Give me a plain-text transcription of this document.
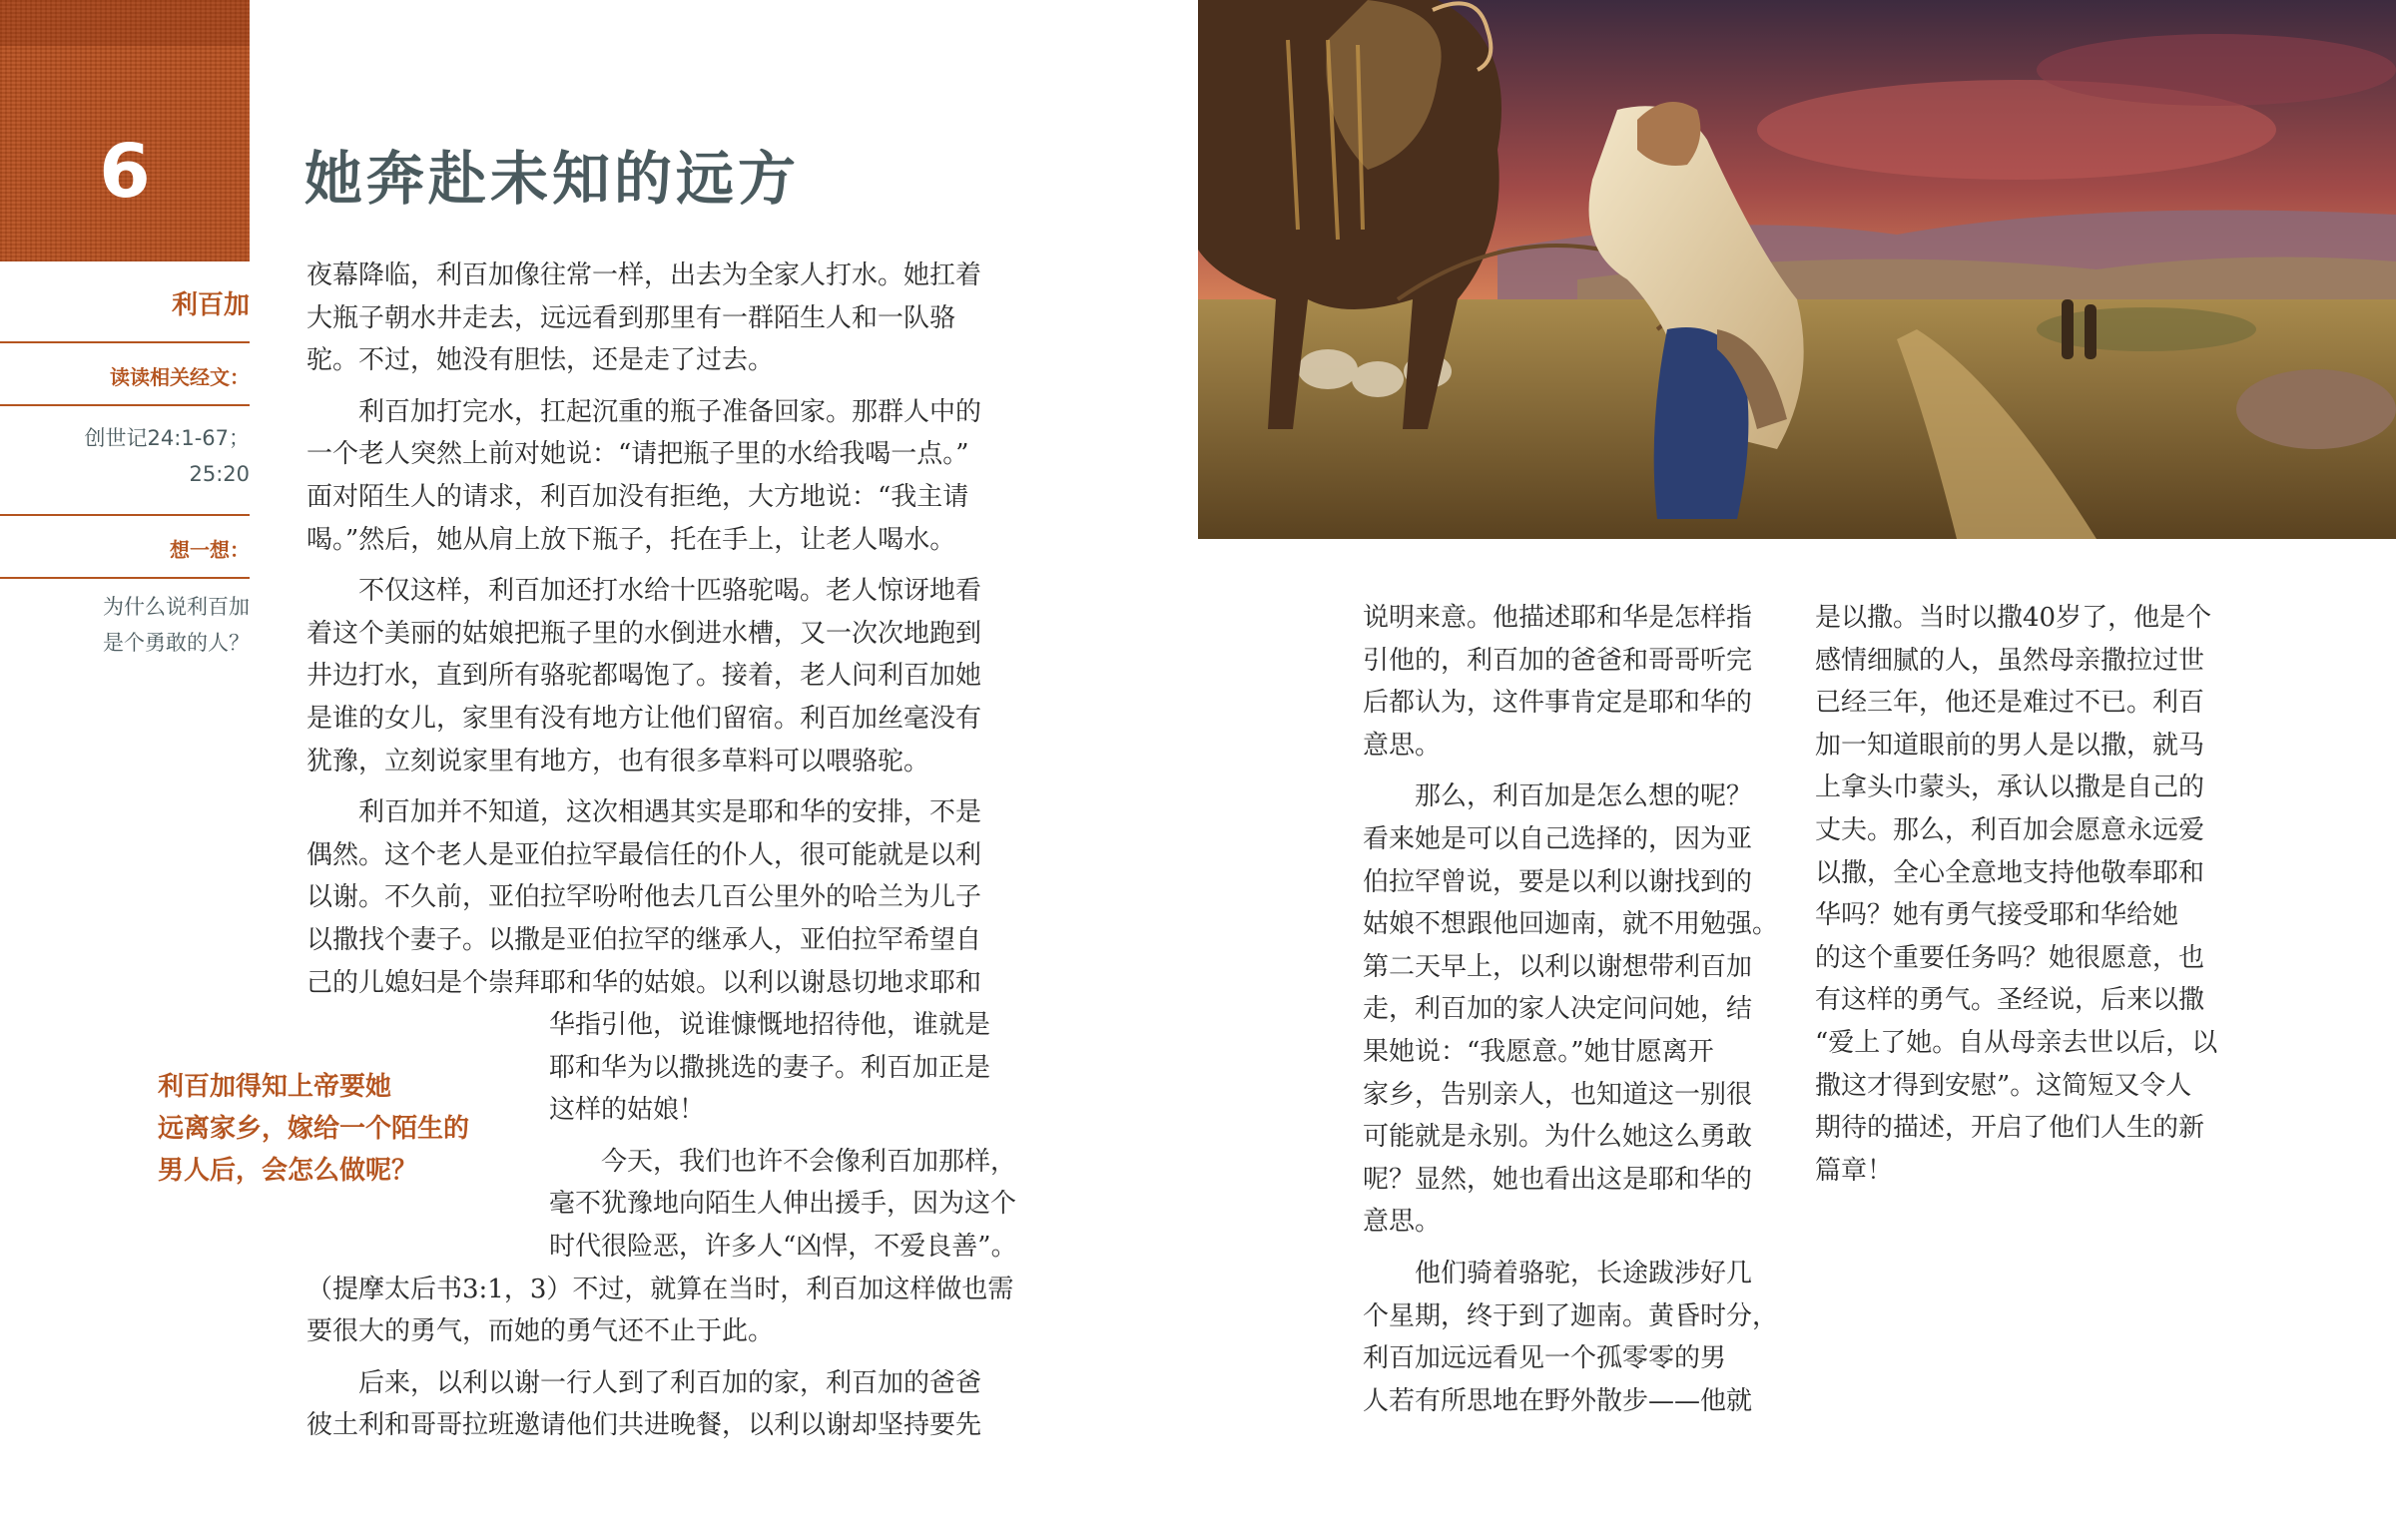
6	她奔赴未知的远方
利百加
读读相关经文：
创世记24:1-67；
25:20
想一想：
为什么说利百加
是个勇敢的人？

夜幕降临，利百加像往常一样，出去为全家人打水。她扛着
大瓶子朝水井走去，远远看到那里有一群陌生人和一队骆
驼。不过，她没有胆怯，还是走了过去。

利百加打完水，扛起沉重的瓶子准备回家。那群人中的
一个老人突然上前对她说：“请把瓶子里的水给我喝一点。”
面对陌生人的请求，利百加没有拒绝，大方地说：“我主请
喝。”然后，她从肩上放下瓶子，托在手上，让老人喝水。

不仅这样，利百加还打水给十匹骆驼喝。老人惊讶地看
着这个美丽的姑娘把瓶子里的水倒进水槽，又一次次地跑到
井边打水，直到所有骆驼都喝饱了。接着，老人问利百加她
是谁的女儿，家里有没有地方让他们留宿。利百加丝毫没有
犹豫，立刻说家里有地方，也有很多草料可以喂骆驼。

利百加并不知道，这次相遇其实是耶和华的安排，不是
偶然。这个老人是亚伯拉罕最信任的仆人，很可能就是以利
以谢。不久前，亚伯拉罕吩咐他去几百公里外的哈兰为儿子
以撒找个妻子。以撒是亚伯拉罕的继承人，亚伯拉罕希望自
己的儿媳妇是个崇拜耶和华的姑娘。以利以谢恳切地求耶和

华指引他，说谁慷慨地招待他，谁就是
耶和华为以撒挑选的妻子。利百加正是
这样的姑娘！

今天，我们也许不会像利百加那样，
毫不犹豫地向陌生人伸出援手，因为这个
时代很险恶，许多人“凶悍，不爱良善”。
（提摩太后书3:1，3）不过，就算在当时，利百加这样做也需
要很大的勇气，而她的勇气还不止于此。

后来，以利以谢一行人到了利百加的家，利百加的爸爸
彼土利和哥哥拉班邀请他们共进晚餐，以利以谢却坚持要先

利百加得知上帝要她
远离家乡，嫁给一个陌生的
男人后，会怎么做呢？

说明来意。他描述耶和华是怎样指
引他的，利百加的爸爸和哥哥听完
后都认为，这件事肯定是耶和华的
意思。

那么，利百加是怎么想的呢？
看来她是可以自己选择的，因为亚
伯拉罕曾说，要是以利以谢找到的
姑娘不想跟他回迦南，就不用勉强。
第二天早上，以利以谢想带利百加
走，利百加的家人决定问问她，结
果她说：“我愿意。”她甘愿离开
家乡，告别亲人，也知道这一别很
可能就是永别。为什么她这么勇敢
呢？显然，她也看出这是耶和华的
意思。

他们骑着骆驼，长途跋涉好几
个星期，终于到了迦南。黄昏时分，
利百加远远看见一个孤零零的男
人若有所思地在野外散步——他就

是以撒。当时以撒40岁了，他是个
感情细腻的人，虽然母亲撒拉过世
已经三年，他还是难过不已。利百
加一知道眼前的男人是以撒，就马
上拿头巾蒙头，承认以撒是自己的
丈夫。那么，利百加会愿意永远爱
以撒，全心全意地支持他敬奉耶和
华吗？她有勇气接受耶和华给她
的这个重要任务吗？她很愿意，也
有这样的勇气。圣经说，后来以撒
“爱上了她。自从母亲去世以后，以
撒这才得到安慰”。这简短又令人
期待的描述，开启了他们人生的新
篇章！
